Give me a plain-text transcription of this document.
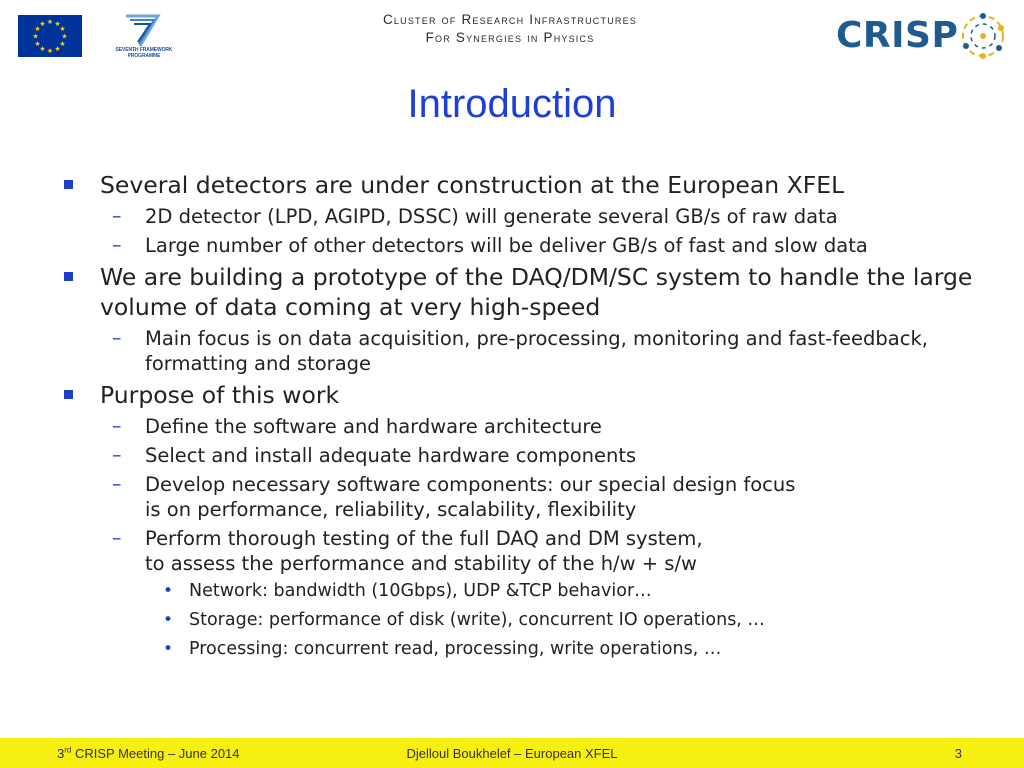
★ ★
★
★
★
★
★
★
★
★
★
★
SEVENTH FRAMEWORK PROGRAMME
Cluster of Research Infrastructures
For Synergies in Physics	CRISP
Introduction
Several detectors are under construction at the European XFEL
– 2D detector (LPD, AGIPD, DSSC) will generate several GB/s of raw data
– Large number of other detectors will be deliver GB/s of fast and slow data
We are building a prototype of the DAQ/DM/SC system to handle the large volume of data coming at very high-speed
– Main focus is on data acquisition, pre-processing, monitoring and fast-feedback, formatting and storage
Purpose of this work
– Define the software and hardware architecture
– Select and install adequate hardware components
– Develop necessary software components: our special design focus
is on performance, reliability, scalability, flexibility
– Perform thorough testing of the full DAQ and DM system,
to assess the performance and stability of the h/w + s/w
• Network: bandwidth (10Gbps), UDP &TCP behavior…
• Storage: performance of disk (write), concurrent IO operations, …
• Processing: concurrent read, processing, write operations, …
3rd CRISP Meeting – June 2014	Djelloul Boukhelef – European XFEL	3
